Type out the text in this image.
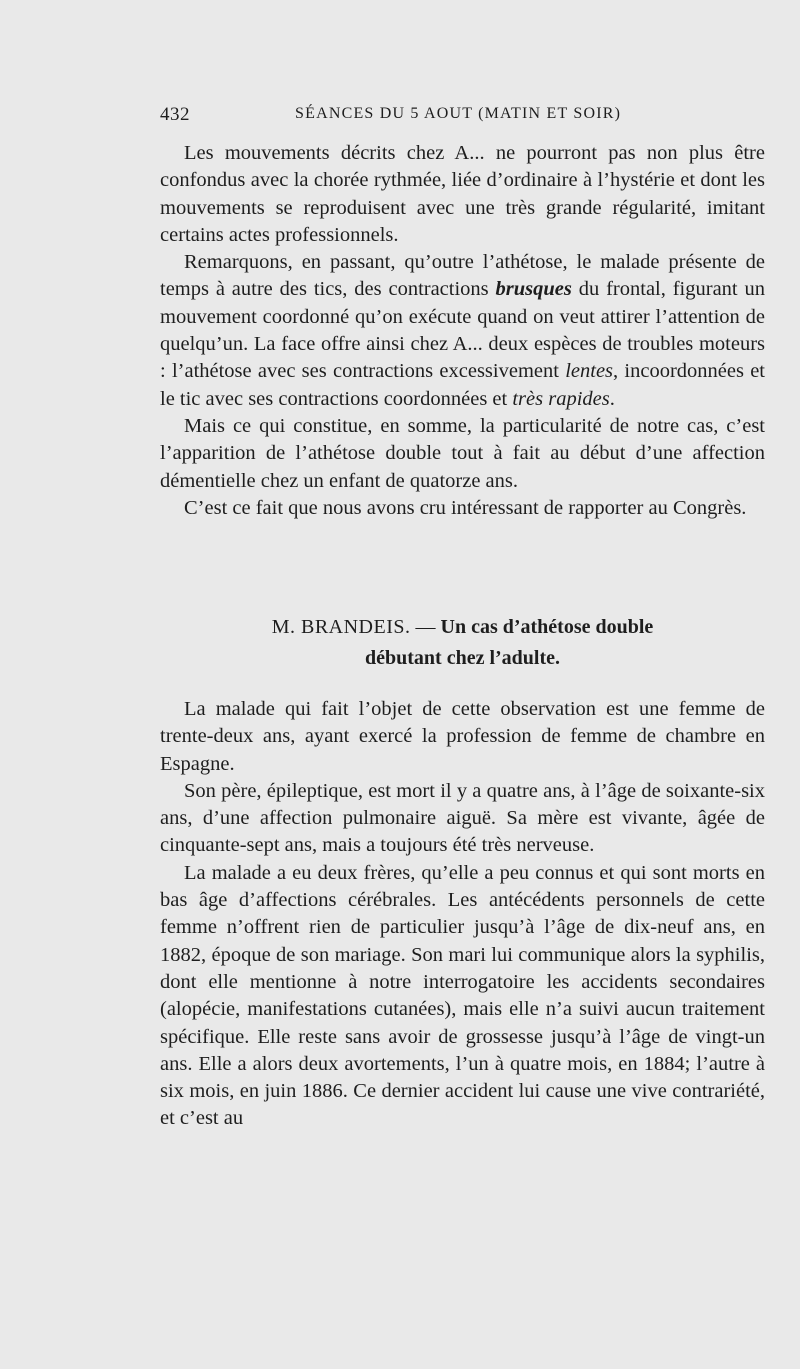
432	SÉANCES DU 5 AOUT (MATIN ET SOIR)

Les mouvements décrits chez A... ne pourront pas non plus être confondus avec la chorée rythmée, liée d’ordinaire à l’hystérie et dont les mouvements se reproduisent avec une très grande régularité, imitant certains actes professionnels.

Remarquons, en passant, qu’outre l’athétose, le malade présente de temps à autre des tics, des contractions brusques du frontal, figurant un mouvement coordonné qu’on exécute quand on veut attirer l’attention de quelqu’un. La face offre ainsi chez A... deux espèces de troubles moteurs : l’athétose avec ses contractions excessivement lentes, incoordonnées et le tic avec ses contractions coordonnées et très rapides.

Mais ce qui constitue, en somme, la particularité de notre cas, c’est l’apparition de l’athétose double tout à fait au début d’une affection démentielle chez un enfant de quatorze ans.

C’est ce fait que nous avons cru intéressant de rapporter au Congrès.

M. BRANDEIS. — Un cas d’athétose double
débutant chez l’adulte.

La malade qui fait l’objet de cette observation est une femme de trente-deux ans, ayant exercé la profession de femme de chambre en Espagne.

Son père, épileptique, est mort il y a quatre ans, à l’âge de soixante-six ans, d’une affection pulmonaire aiguë. Sa mère est vivante, âgée de cinquante-sept ans, mais a toujours été très nerveuse.

La malade a eu deux frères, qu’elle a peu connus et qui sont morts en bas âge d’affections cérébrales. Les antécédents personnels de cette femme n’offrent rien de particulier jusqu’à l’âge de dix-neuf ans, en 1882, époque de son mariage. Son mari lui communique alors la syphilis, dont elle mentionne à notre interrogatoire les accidents secondaires (alopécie, manifestations cutanées), mais elle n’a suivi aucun traitement spécifique. Elle reste sans avoir de grossesse jusqu’à l’âge de vingt-un ans. Elle a alors deux avortements, l’un à quatre mois, en 1884; l’autre à six mois, en juin 1886. Ce dernier accident lui cause une vive contrariété, et c’est au
